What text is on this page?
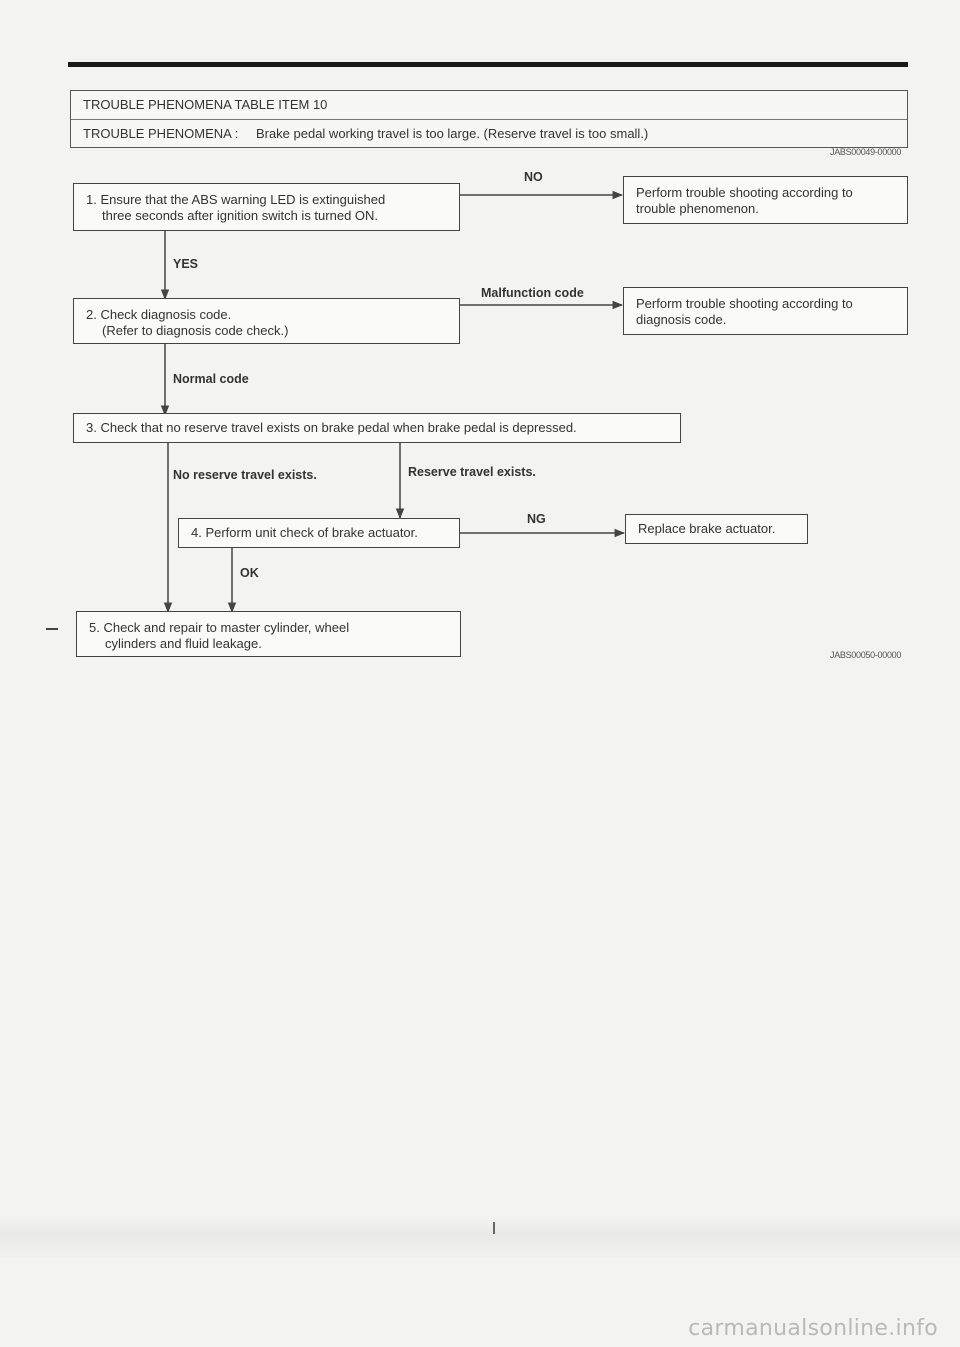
TROUBLE PHENOMENA TABLE ITEM 10
TROUBLE PHENOMENA : Brake pedal working travel is too large. (Reserve travel is too small.)
JABS00049-00000
JABS00050-00000
1. Ensure that the ABS warning LED is extinguished
three seconds after ignition switch is turned ON.
Perform trouble shooting according to
trouble phenomenon.
2. Check diagnosis code.
(Refer to diagnosis code check.)
Perform trouble shooting according to
diagnosis code.
3. Check that no reserve travel exists on brake pedal when brake pedal is depressed.
4. Perform unit check of brake actuator.	Replace brake actuator.
5. Check and repair to master cylinder, wheel
cylinders and fluid leakage.
NO
YES
Malfunction code
Normal code
No reserve travel exists.	Reserve travel exists.
NG
OK
carmanualsonline.info
